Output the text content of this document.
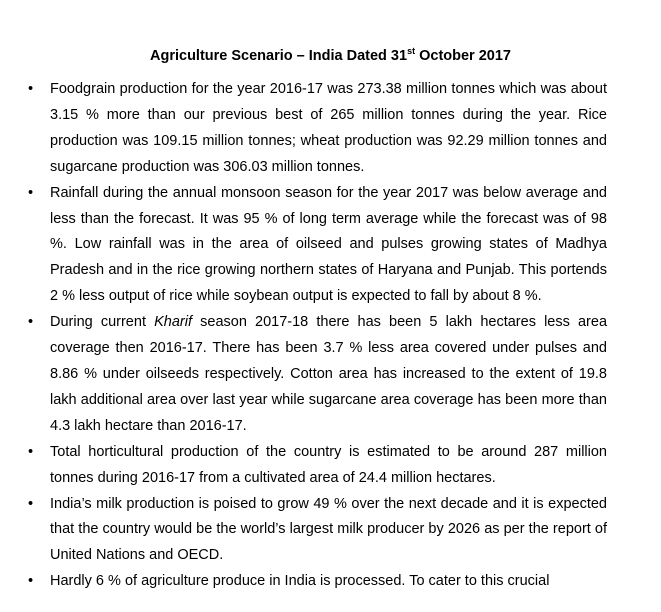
Agriculture Scenario – India Dated 31st October 2017
• Foodgrain production for the year 2016-17 was 273.38 million tonnes which was about 3.15 % more than our previous best of 265 million tonnes during the year. Rice production was 109.15 million tonnes; wheat production was 92.29 million tonnes and sugarcane production was 306.03 million tonnes.
• Rainfall during the annual monsoon season for the year 2017 was below average and less than the forecast. It was 95 % of long term average while the forecast was of 98 %. Low rainfall was in the area of oilseed and pulses growing states of Madhya Pradesh and in the rice growing northern states of Haryana and Punjab. This portends 2 % less output of rice while soybean output is expected to fall by about 8 %.
• During current Kharif season 2017-18 there has been 5 lakh hectares less area coverage then 2016-17. There has been 3.7 % less area covered under pulses and 8.86 % under oilseeds respectively. Cotton area has increased to the extent of 19.8 lakh additional area over last year while sugarcane area coverage has been more than 4.3 lakh hectare than 2016-17.
• Total horticultural production of the country is estimated to be around 287 million tonnes during 2016-17 from a cultivated area of 24.4 million hectares.
• India’s milk production is poised to grow 49 % over the next decade and it is expected that the country would be the world’s largest milk producer by 2026 as per the report of United Nations and OECD.
• Hardly 6 % of agriculture produce in India is processed. To cater to this crucial
